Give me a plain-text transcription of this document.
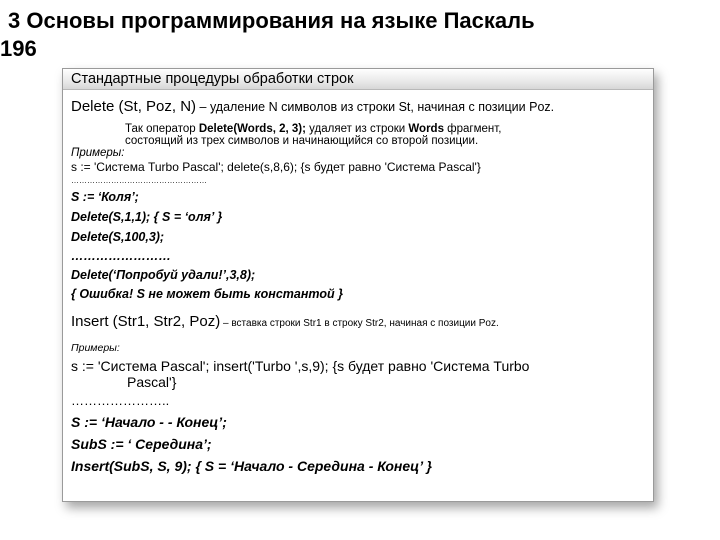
3 Основы программирования на языке Паскаль
196
Стандартные процедуры обработки строк
Delete (St, Poz, N) – удаление N символов из строки St, начиная с позиции Poz.
Так оператор Delete(Words, 2, 3); удаляет из строки Words фрагмент,
состоящий из трех символов и начинающийся со второй позиции.
Примеры:
s := 'Система Turbo Pascal'; delete(s,8,6); {s будет равно 'Система Pascal'}
……………………………………………
S := ‘Коля’;
Delete(S,1,1); { S = ‘оля’ }
Delete(S,100,3);
……………………
Delete(‘Попробуй удали!’,3,8);
{ Ошибка! S не может быть константой }
Insert (Str1, Str2, Poz) – вставка строки Str1 в строку Str2, начиная с позиции Poz.
Примеры:
s := 'Система Pascal'; insert('Turbo ',s,9); {s будет равно 'Система Turbo
Pascal'}
…………………..
S := ‘Начало - - Конец’;
SubS := ‘ Середина’;
Insert(SubS, S, 9); { S = ‘Начало - Середина - Конец’ }
